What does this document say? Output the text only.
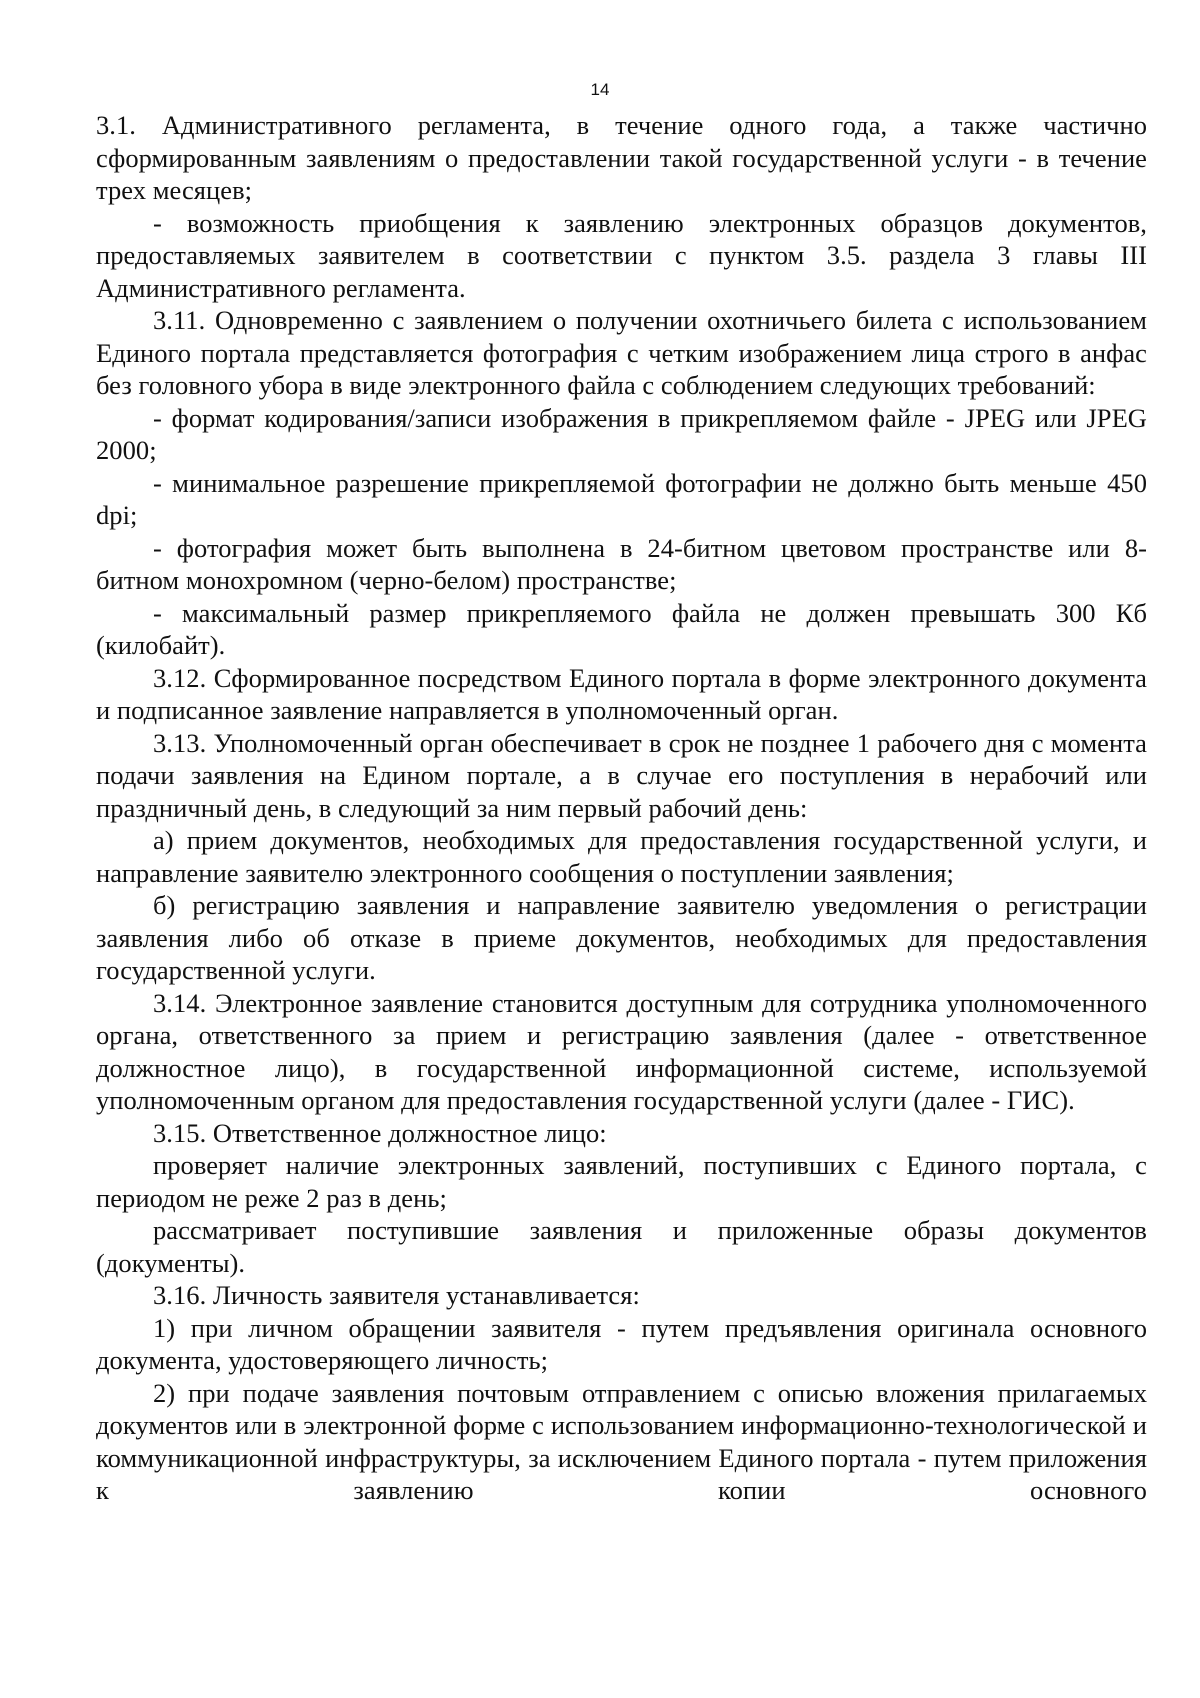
14

3.1. Административного регламента, в течение одного года, а также частично сформированным заявлениям о предоставлении такой государственной услуги - в течение трех месяцев;

- возможность приобщения к заявлению электронных образцов документов, предоставляемых заявителем в соответствии с пунктом 3.5. раздела 3 главы III Административного регламента.

3.11. Одновременно с заявлением о получении охотничьего билета с использованием Единого портала представляется фотография с четким изображением лица строго в анфас без головного убора в виде электронного файла с соблюдением следующих требований:

- формат кодирования/записи изображения в прикрепляемом файле - JPEG или JPEG 2000;

- минимальное разрешение прикрепляемой фотографии не должно быть меньше 450 dpi;

- фотография может быть выполнена в 24-битном цветовом пространстве или 8-битном монохромном (черно-белом) пространстве;

- максимальный размер прикрепляемого файла не должен превышать 300 Кб (килобайт).

3.12. Сформированное посредством Единого портала в форме электронного документа и подписанное заявление направляется в уполномоченный орган.

3.13. Уполномоченный орган обеспечивает в срок не позднее 1 рабочего дня с момента подачи заявления на Едином портале, а в случае его поступления в нерабочий или праздничный день, в следующий за ним первый рабочий день:

а) прием документов, необходимых для предоставления государственной услуги, и направление заявителю электронного сообщения о поступлении заявления;

б) регистрацию заявления и направление заявителю уведомления о регистрации заявления либо об отказе в приеме документов, необходимых для предоставления государственной услуги.

3.14. Электронное заявление становится доступным для сотрудника уполномоченного органа, ответственного за прием и регистрацию заявления (далее - ответственное должностное лицо), в государственной информационной системе, используемой уполномоченным органом для предоставления государственной услуги (далее - ГИС).

3.15. Ответственное должностное лицо:

проверяет наличие электронных заявлений, поступивших с Единого портала, с периодом не реже 2 раз в день;

рассматривает поступившие заявления и приложенные образы документов (документы).

3.16. Личность заявителя устанавливается:

1) при личном обращении заявителя - путем предъявления оригинала основного документа, удостоверяющего личность;

2) при подаче заявления почтовым отправлением с описью вложения прилагаемых документов или в электронной форме с использованием информационно-технологической и коммуникационной инфраструктуры, за исключением Единого портала - путем приложения к заявлению копии основного
